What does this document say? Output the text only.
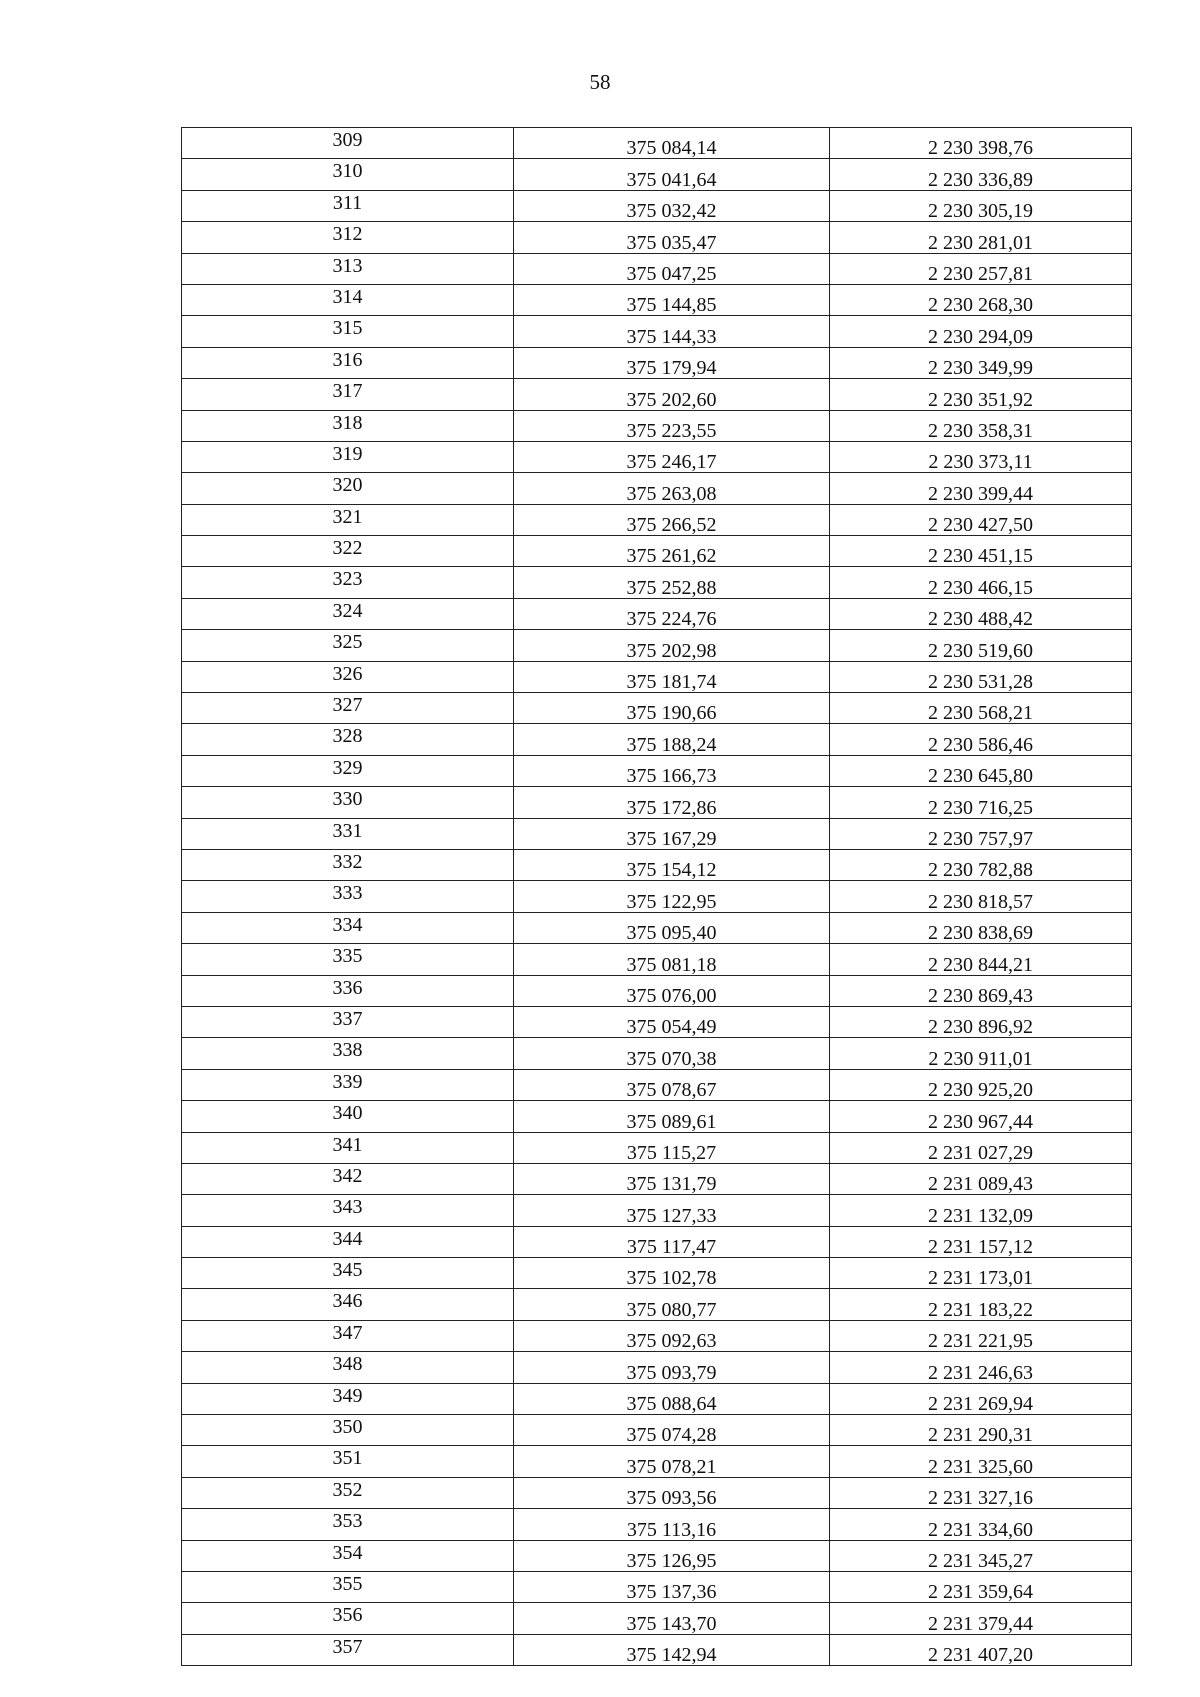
58
309	375 084,14	2 230 398,76
310	375 041,64	2 230 336,89
311	375 032,42	2 230 305,19
312	375 035,47	2 230 281,01
313	375 047,25	2 230 257,81
314	375 144,85	2 230 268,30
315	375 144,33	2 230 294,09
316	375 179,94	2 230 349,99
317	375 202,60	2 230 351,92
318	375 223,55	2 230 358,31
319	375 246,17	2 230 373,11
320	375 263,08	2 230 399,44
321	375 266,52	2 230 427,50
322	375 261,62	2 230 451,15
323	375 252,88	2 230 466,15
324	375 224,76	2 230 488,42
325	375 202,98	2 230 519,60
326	375 181,74	2 230 531,28
327	375 190,66	2 230 568,21
328	375 188,24	2 230 586,46
329	375 166,73	2 230 645,80
330	375 172,86	2 230 716,25
331	375 167,29	2 230 757,97
332	375 154,12	2 230 782,88
333	375 122,95	2 230 818,57
334	375 095,40	2 230 838,69
335	375 081,18	2 230 844,21
336	375 076,00	2 230 869,43
337	375 054,49	2 230 896,92
338	375 070,38	2 230 911,01
339	375 078,67	2 230 925,20
340	375 089,61	2 230 967,44
341	375 115,27	2 231 027,29
342	375 131,79	2 231 089,43
343	375 127,33	2 231 132,09
344	375 117,47	2 231 157,12
345	375 102,78	2 231 173,01
346	375 080,77	2 231 183,22
347	375 092,63	2 231 221,95
348	375 093,79	2 231 246,63
349	375 088,64	2 231 269,94
350	375 074,28	2 231 290,31
351	375 078,21	2 231 325,60
352	375 093,56	2 231 327,16
353	375 113,16	2 231 334,60
354	375 126,95	2 231 345,27
355	375 137,36	2 231 359,64
356	375 143,70	2 231 379,44
357	375 142,94	2 231 407,20
